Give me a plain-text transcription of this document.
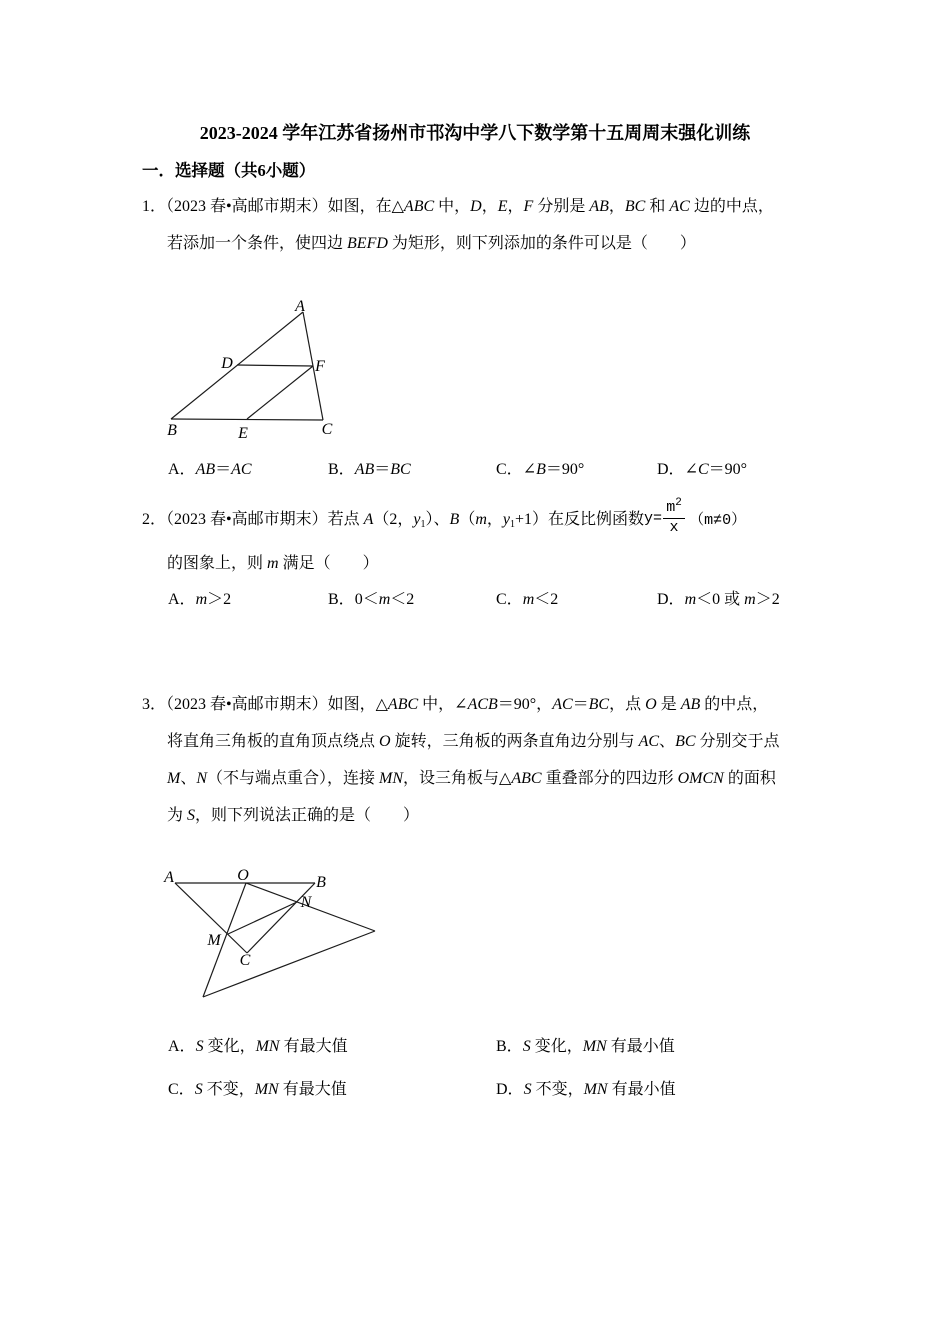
2023-2024 学年江苏省扬州市邗沟中学八下数学第十五周周末强化训练
一．选择题（共6小题）
1．（2023 春•高邮市期末）如图，在△ABC 中，D，E，F 分别是 AB，BC 和 AC 边的中点，
若添加一个条件，使四边 BEFD 为矩形，则下列添加的条件可以是（　　）
A
D	F
B	E	C
A．AB＝AC	B．AB＝BC	C．∠B＝90°	D．∠C＝90°
2．（2023 春•高邮市期末）若点 A（2，y1）、B（m，y1+1）在反比例函数 $y= \frac{m^2}{x} (m\ne 0)$
的图象上，则 m 满足（　　）
A．m＞2	B．0＜m＜2	C．m＜2	D．m＜0 或 m＞2
3．（2023 春•高邮市期末）如图，△ABC 中，∠ACB＝90°，AC＝BC，点 O 是 AB 的中点，
将直角三角板的直角顶点绕点 O 旋转，三角板的两条直角边分别与 AC、BC 分别交于点
M、N（不与端点重合），连接 MN，设三角板与△ABC 重叠部分的四边形 OMCN 的面积
为 S，则下列说法正确的是（　　）
A	O	B
N
M
C
A．S 变化，MN 有最大值	B．S 变化，MN 有最小值
C．S 不变，MN 有最大值	D．S 不变，MN 有最小值
